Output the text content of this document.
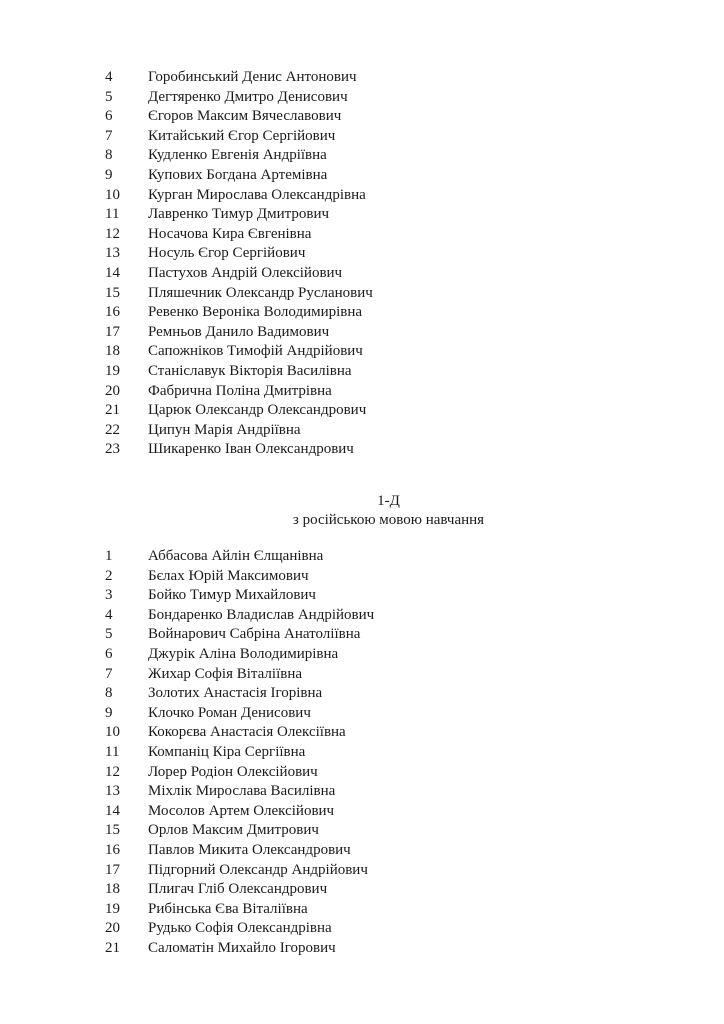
4	Горобинський Денис Антонович
5	Дегтяренко Дмитро Денисович
6	Єгоров Максим Вячеславович
7	Китайський Єгор Сергійович
8	Кудленко Евгенія Андріївна
9	Купових Богдана Артемівна
10	Курган Мирослава Олександрівна
11	Лавренко Тимур Дмитрович
12	Носачова Кира Євгенівна
13	Носуль Єгор Сергійович
14	Пастухов Андрій Олексійович
15	Пляшечник Олександр Русланович
16	Ревенко Вероніка Володимирівна
17	Ремньов Данило Вадимович
18	Сапожніков Тимофій Андрійович
19	Станіславук Вікторія Василівна
20	Фабрична Поліна Дмитрівна
21	Царюк Олександр Олександрович
22	Ципун Марія Андріївна
23	Шикаренко Іван Олександрович
1-Д
з російською мовою навчання
1	Аббасова Айлін Єлщанівна
2	Бєлах Юрій Максимович
3	Бойко Тимур Михайлович
4	Бондаренко Владислав Андрійович
5	Войнарович Сабріна Анатоліївна
6	Джурік Аліна Володимирівна
7	Жихар Софія Віталіївна
8	Золотих Анастасія Ігорівна
9	Клочко Роман Денисович
10	Кокорєва Анастасія Олексіївна
11	Компаніц Кіра Сергіївна
12	Лорер Родіон Олексійович
13	Міхлік Мирослава Василівна
14	Мосолов Артем Олексійович
15	Орлов Максим Дмитрович
16	Павлов Микита Олександрович
17	Підгорний Олександр Андрійович
18	Плигач Гліб Олександрович
19	Рибінська Єва Віталіївна
20	Рудько Софія Олександрівна
21	Саломатін Михайло Ігорович
